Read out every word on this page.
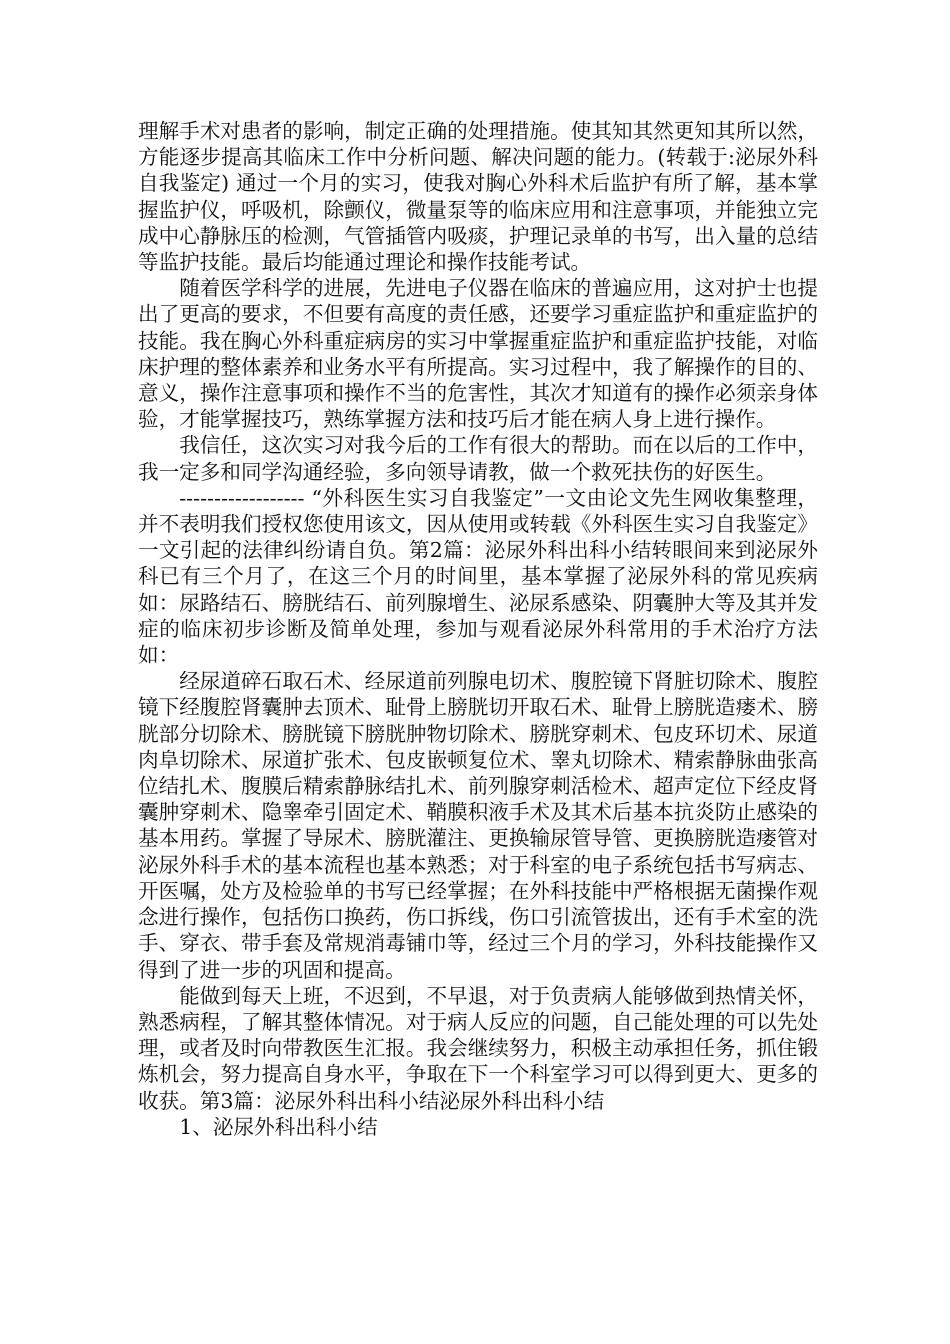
理解手术对患者的影响，制定正确的处理措施。使其知其然更知其所以然，方能逐步提高其临床工作中分析问题、解决问题的能力。(转载于:泌尿外科自我鉴定) 通过一个月的实习，使我对胸心外科术后监护有所了解，基本掌握监护仪，呼吸机，除颤仪，微量泵等的临床应用和注意事项，并能独立完成中心静脉压的检测，气管插管内吸痰，护理记录单的书写，出入量的总结等监护技能。最后均能通过理论和操作技能考试。

随着医学科学的进展，先进电子仪器在临床的普遍应用，这对护士也提出了更高的要求，不但要有高度的责任感，还要学习重症监护和重症监护的技能。我在胸心外科重症病房的实习中掌握重症监护和重症监护技能，对临床护理的整体素养和业务水平有所提高。实习过程中，我了解操作的目的、意义，操作注意事项和操作不当的危害性，其次才知道有的操作必须亲身体验，才能掌握技巧，熟练掌握方法和技巧后才能在病人身上进行操作。

我信任，这次实习对我今后的工作有很大的帮助。而在以后的工作中，我一定多和同学沟通经验，多向领导请教，做一个救死扶伤的好医生。

------------------ “外科医生实习自我鉴定”一文由论文先生网收集整理，并不表明我们授权您使用该文，因从使用或转载《外科医生实习自我鉴定》一文引起的法律纠纷请自负。第2篇：泌尿外科出科小结转眼间来到泌尿外科已有三个月了，在这三个月的时间里，基本掌握了泌尿外科的常见疾病如：尿路结石、膀胱结石、前列腺增生、泌尿系感染、阴囊肿大等及其并发症的临床初步诊断及简单处理，参加与观看泌尿外科常用的手术治疗方法如：

经尿道碎石取石术、经尿道前列腺电切术、腹腔镜下肾脏切除术、腹腔镜下经腹腔肾囊肿去顶术、耻骨上膀胱切开取石术、耻骨上膀胱造瘘术、膀胱部分切除术、膀胱镜下膀胱肿物切除术、膀胱穿刺术、包皮环切术、尿道肉阜切除术、尿道扩张术、包皮嵌顿复位术、睾丸切除术、精索静脉曲张高位结扎术、腹膜后精索静脉结扎术、前列腺穿刺活检术、超声定位下经皮肾囊肿穿刺术、隐睾牵引固定术、鞘膜积液手术及其术后基本抗炎防止感染的基本用药。掌握了导尿术、膀胱灌注、更换输尿管导管、更换膀胱造瘘管对泌尿外科手术的基本流程也基本熟悉；对于科室的电子系统包括书写病志、开医嘱，处方及检验单的书写已经掌握；在外科技能中严格根据无菌操作观念进行操作，包括伤口换药，伤口拆线，伤口引流管拔出，还有手术室的洗手、穿衣、带手套及常规消毒铺巾等，经过三个月的学习，外科技能操作又得到了进一步的巩固和提高。

能做到每天上班，不迟到，不早退，对于负责病人能够做到热情关怀，熟悉病程，了解其整体情况。对于病人反应的问题，自己能处理的可以先处理，或者及时向带教医生汇报。我会继续努力，积极主动承担任务，抓住锻炼机会，努力提高自身水平，争取在下一个科室学习可以得到更大、更多的收获。第3篇：泌尿外科出科小结泌尿外科出科小结

1、泌尿外科出科小结
